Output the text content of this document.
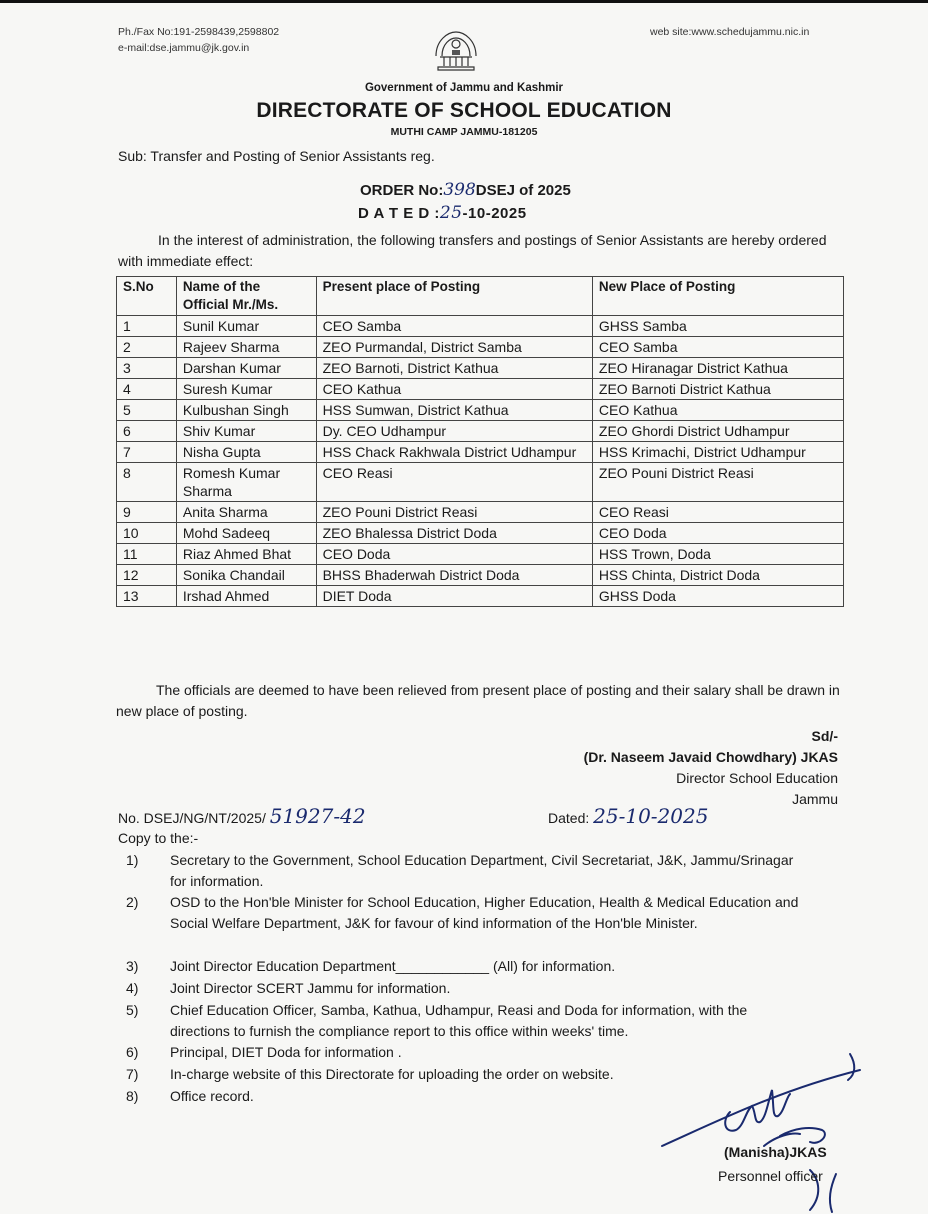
Ph./Fax No:191-2598439,2598802
e-mail:dse.jammu@jk.gov.in
web site:www.schedujammu.nic.in
Government of Jammu and Kashmir
DIRECTORATE OF SCHOOL EDUCATION
MUTHI CAMP JAMMU-181205
Sub: Transfer and Posting of Senior Assistants reg.
ORDER No:398DSEJ of 2025
D A T E D :25-10-2025
In the interest of administration, the following transfers and postings of Senior Assistants are hereby ordered with immediate effect:
S.No	Name of the Official Mr./Ms.	Present place of Posting	New Place of Posting
1	Sunil Kumar	CEO Samba	GHSS Samba
2	Rajeev Sharma	ZEO Purmandal, District Samba	CEO Samba
3	Darshan Kumar	ZEO Barnoti, District Kathua	ZEO Hiranagar District Kathua
4	Suresh Kumar	CEO Kathua	ZEO Barnoti District Kathua
5	Kulbushan Singh	HSS Sumwan, District Kathua	CEO Kathua
6	Shiv Kumar	Dy. CEO Udhampur	ZEO Ghordi District Udhampur
7	Nisha Gupta	HSS Chack Rakhwala District Udhampur	HSS Krimachi, District Udhampur
8	Romesh Kumar Sharma	CEO Reasi	ZEO Pouni District Reasi
9	Anita Sharma	ZEO Pouni District Reasi	CEO Reasi
10	Mohd Sadeeq	ZEO Bhalessa District Doda	CEO Doda
11	Riaz Ahmed Bhat	CEO Doda	HSS Trown, Doda
12	Sonika Chandail	BHSS Bhaderwah District Doda	HSS Chinta, District Doda
13	Irshad Ahmed	DIET Doda	GHSS Doda
The officials are deemed to have been relieved from present place of posting and their salary shall be drawn in new place of posting.
Sd/-
(Dr. Naseem Javaid Chowdhary) JKAS
Director School Education
Jammu
No. DSEJ/NG/NT/2025/ 51927-42	Dated: 25-10-2025
Copy to the:-
1)	Secretary to the Government, School Education Department, Civil Secretariat, J&K, Jammu/Srinagar for information.
2)	OSD to the Hon'ble Minister for School Education, Higher Education, Health & Medical Education and Social Welfare Department, J&K for favour of kind information of the Hon'ble Minister.
3)	Joint Director Education Department____________ (All) for information.
4)	Joint Director SCERT Jammu for information.
5)	Chief Education Officer, Samba, Kathua, Udhampur, Reasi and Doda for information, with the directions to furnish the compliance report to this office within weeks' time.
6)	Principal, DIET Doda for information .
7)	In-charge website of this Directorate for uploading the order on website.
8)	Office record.
(Manisha)JKAS
Personnel officer
